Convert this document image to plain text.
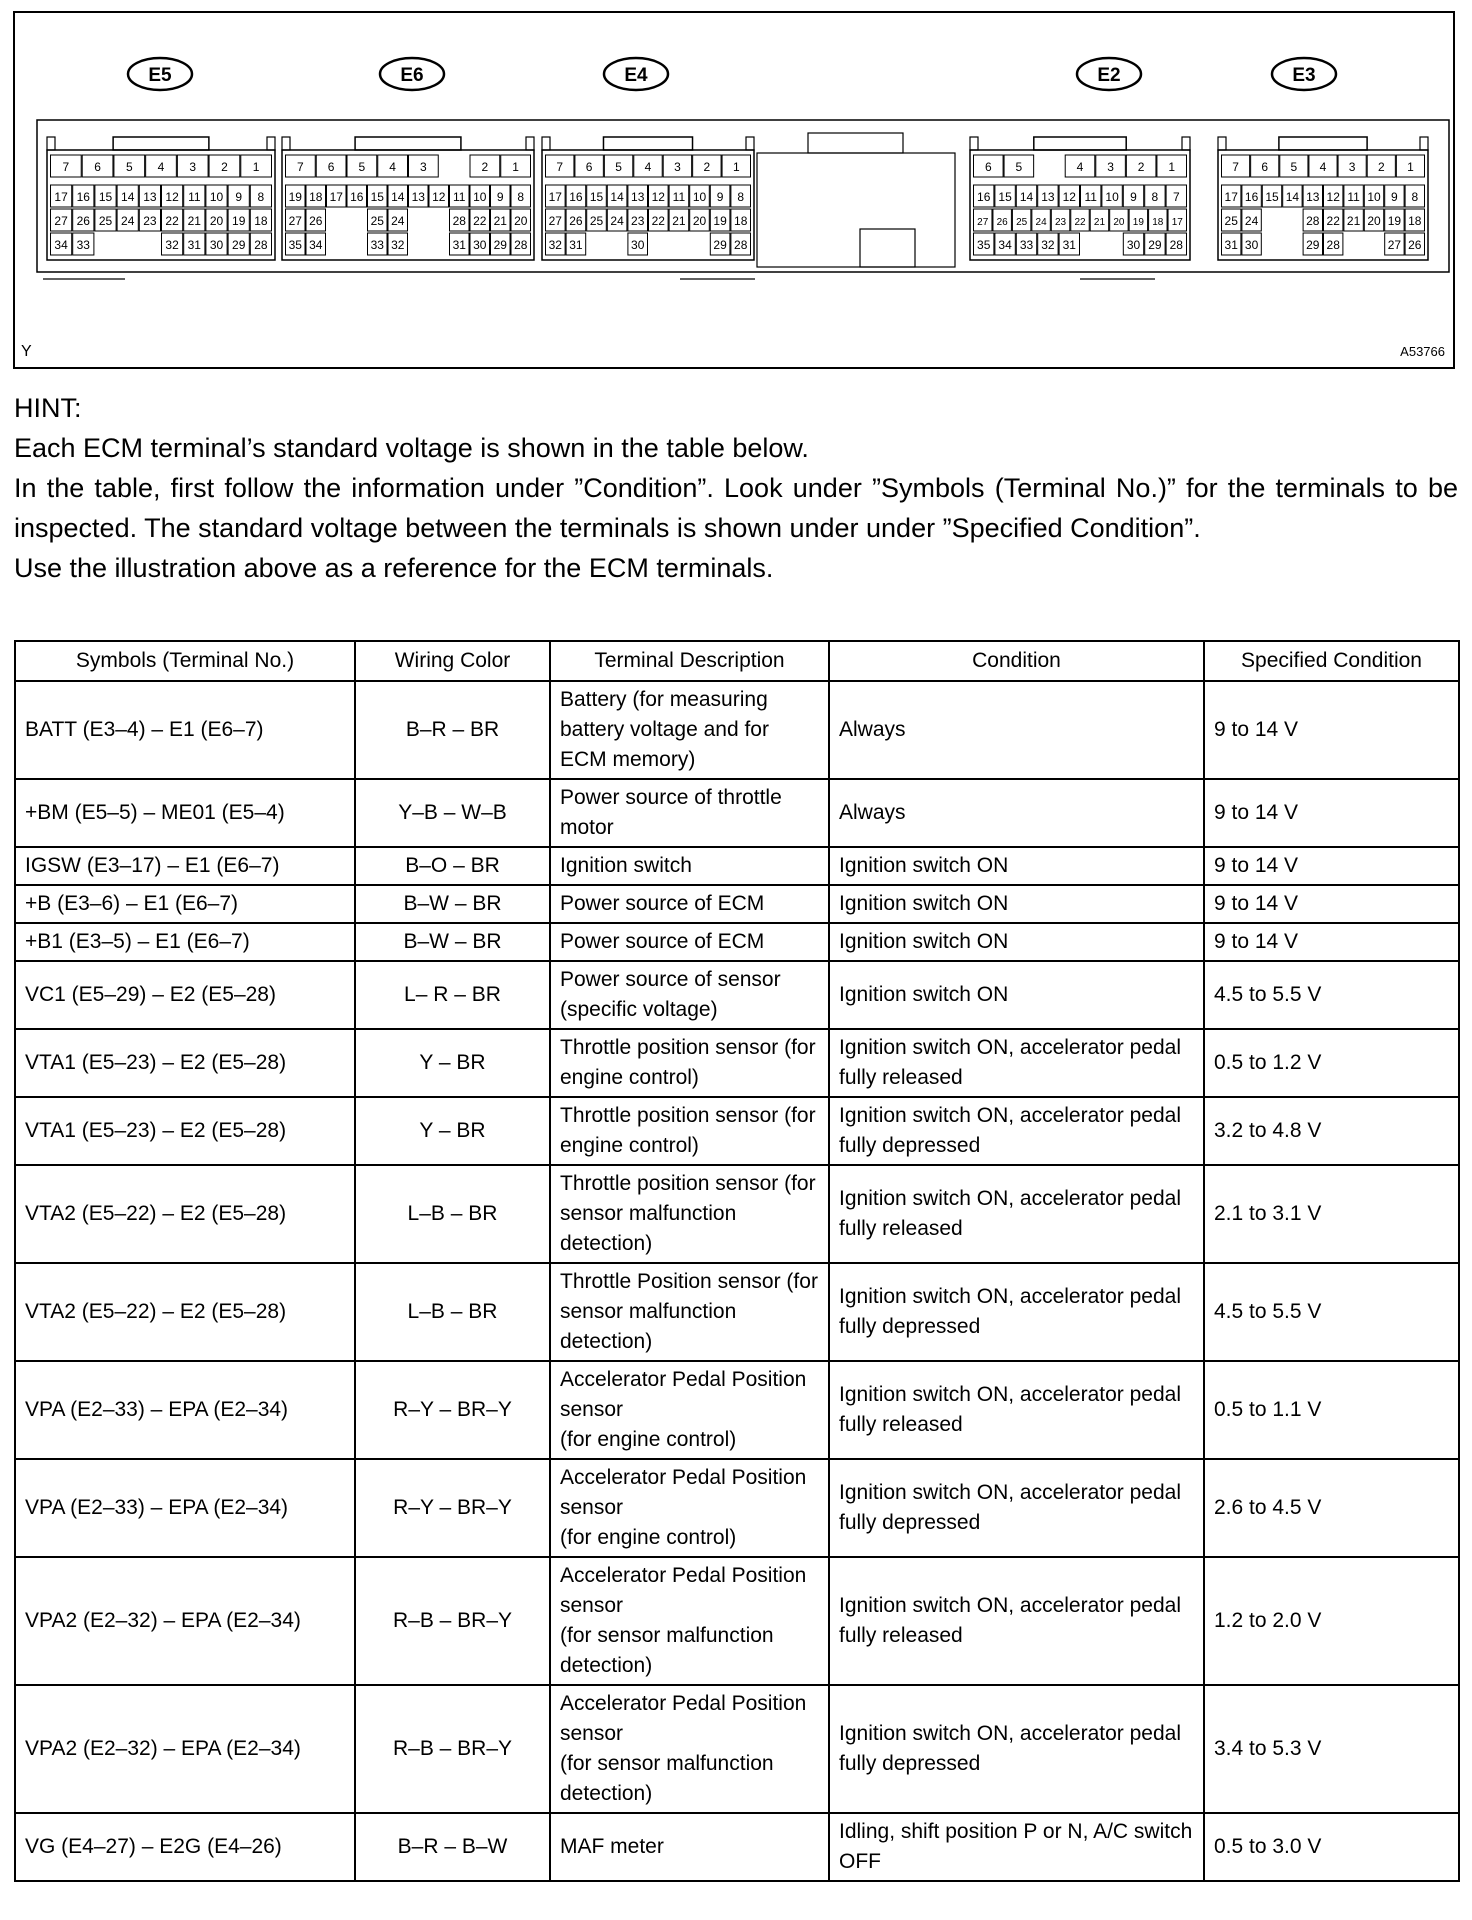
E5
7 6 5 4 3 2 1
17 16 15 14 13 12 11 10 9 8
27 26 25 24 23 22 21 20 19 18
34 33	32 31 30 29 28
E6
7 6 5 4 3	2 1
19 18 17 16 15 14 13 12 11 10 9 8
27 26	25 24	28 22 21 20
35 34	33 32	31 30 29 28
E4
7 6 5 4 3 2 1
17 16 15 14 13 12 11 10 9 8
27 26 25 24 23 22 21 20 19 18
32 31	30	29 28
E2
6 5	4 3 2 1
16 15 14 13 12 11 10 9 8 7
27 26 25 24 23 22 21 20 19 18 17
35 34 33 32 31	30 29 28
E3
7 6 5 4 3 2 1
17 16 15 14 13 12 11 10 9 8
25 24	28 22 21 20 19 18
31 30	29 28	27 26
Y	A53766

HINT:

Each ECM terminal’s standard voltage is shown in the table below.

In the table, first follow the information under ”Condition”. Look under ”Symbols (Terminal No.)” for the terminals to be inspected. The standard voltage between the terminals is shown under under ”Specified Condition”.

Use the illustration above as a reference for the ECM terminals.

Symbols (Terminal No.)	Wiring Color	Terminal Description	Condition	Specified Condition
BATT (E3–4) – E1 (E6–7)	B–R – BR	Battery (for measuring battery voltage and for ECM memory)	Always	9 to 14 V
+BM (E5–5) – ME01 (E5–4)	Y–B – W–B	Power source of throttle motor	Always	9 to 14 V
IGSW (E3–17) – E1 (E6–7)	B–O – BR	Ignition switch	Ignition switch ON	9 to 14 V
+B (E3–6) – E1 (E6–7)	B–W – BR	Power source of ECM	Ignition switch ON	9 to 14 V
+B1 (E3–5) – E1 (E6–7)	B–W – BR	Power source of ECM	Ignition switch ON	9 to 14 V
VC1 (E5–29) – E2 (E5–28)	L– R – BR	Power source of sensor (specific voltage)	Ignition switch ON	4.5 to 5.5 V
VTA1 (E5–23) – E2 (E5–28)	Y – BR	Throttle position sensor (for engine control)	Ignition switch ON, accelerator pedal fully released	0.5 to 1.2 V
VTA1 (E5–23) – E2 (E5–28)	Y – BR	Throttle position sensor (for engine control)	Ignition switch ON, accelerator pedal fully depressed	3.2 to 4.8 V
VTA2 (E5–22) – E2 (E5–28)	L–B – BR	Throttle position sensor (for sensor malfunction detection)	Ignition switch ON, accelerator pedal fully released	2.1 to 3.1 V
VTA2 (E5–22) – E2 (E5–28)	L–B – BR	Throttle Position sensor (for sensor malfunction detection)	Ignition switch ON, accelerator pedal fully depressed	4.5 to 5.5 V
VPA (E2–33) – EPA (E2–34)	R–Y – BR–Y	Accelerator Pedal Position sensor
(for engine control)	Ignition switch ON, accelerator pedal fully released	0.5 to 1.1 V
VPA (E2–33) – EPA (E2–34)	R–Y – BR–Y	Accelerator Pedal Position sensor
(for engine control)	Ignition switch ON, accelerator pedal fully depressed	2.6 to 4.5 V
VPA2 (E2–32) – EPA (E2–34)	R–B – BR–Y	Accelerator Pedal Position sensor
(for sensor malfunction detection)	Ignition switch ON, accelerator pedal fully released	1.2 to 2.0 V
VPA2 (E2–32) – EPA (E2–34)	R–B – BR–Y	Accelerator Pedal Position sensor
(for sensor malfunction detection)	Ignition switch ON, accelerator pedal fully depressed	3.4 to 5.3 V
VG (E4–27) – E2G (E4–26)	B–R – B–W	MAF meter	Idling, shift position P or N, A/C switch OFF	0.5 to 3.0 V
